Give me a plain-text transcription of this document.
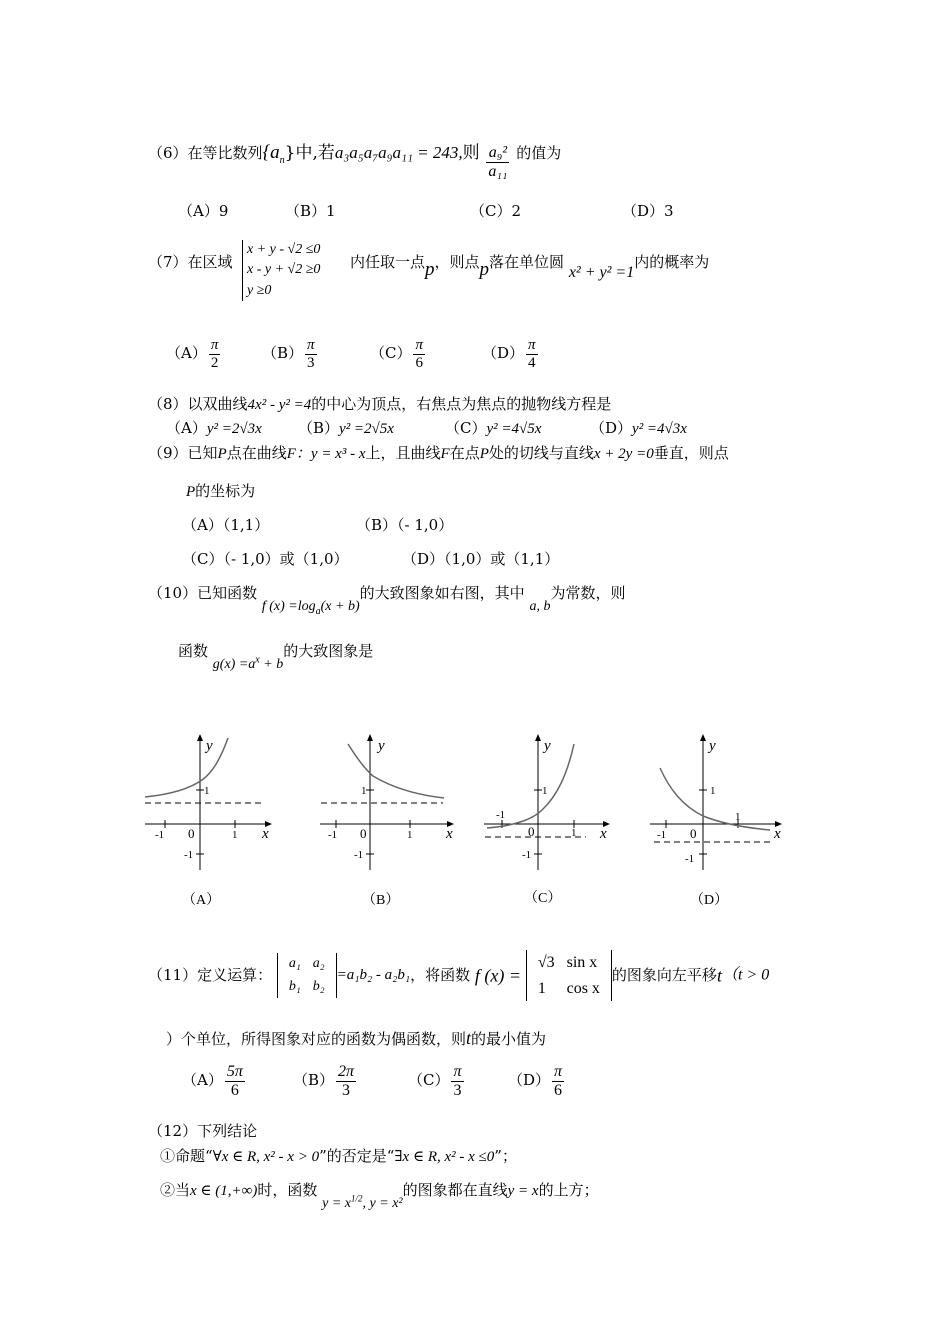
（6）在等比数列$\{a_n\}$中,若a₃a₅a₇a₉a₁₁ = 243,则 $\frac{\text{a₉²}}{\text{a₁₁}}$ 的值为
（A）9	（B）1	（C）2	（D）3
（7）在区域
x + y - √2 ≤0
x - y + √2 ≥0
y ≥0
内任取一点p，则点p落在单位圆 x² + y² =1内的概率为
$(A) \frac{\pi}{2}$	$(B) \frac{\pi}{3}$	$(C) \frac{\pi}{6}$	$(D) \frac{\pi}{4}$
（8）以双曲线4x² - y² =4的中心为顶点，右焦点为焦点的抛物线方程是
（A）y² =2√3x （B）y² =2√5x	（C）y² =4√5x	（D）y² =4√3x
（9）已知P点在曲线F：y = x³ - x上，且曲线F在点P处的切线与直线x + 2y =0垂直，则点
P的坐标为
（A）（1,1）	（B）（- 1,0）
（C）（- 1,0）或（1,0）	（D）（1,0）或（1,1）
（10）已知函数 f $(x) =\log_a(x + b)$的大致图象如右图，其中 a, b为常数，则
函数 $g(x) =a^x + b$的大致图象是
y
x
1
-1 0
1
-1
（A）
y
x
1
-1 0
1
-1
（B）
y
x
1
-1
0
1
-1
（C）
y
x
1
-1 0
1
-1
（D）
（11）定义运算：
a₁	a₂
b₁	b₂
=a₁b₂ - a₂b₁，将函数 f (x) =
√3	sin x
1	cos x
的图象向左平移t（t > 0
）个单位，所得图象对应的函数为偶函数，则t的最小值为
$(A) \frac{5\pi}{6}$	$(B) \frac{2\pi}{3}$	$(C) \frac{\pi}{3}$	$(D) \frac{\pi}{6}$
（12）下列结论
①命题“∀x ∈ R, x² - x > 0”的否定是“∃x ∈ R, x² - x ≤0”；
②当x ∈ (1,+∞)时，函数 $y = x^{1/2}$, y = x²的图象都在直线y = x的上方；
